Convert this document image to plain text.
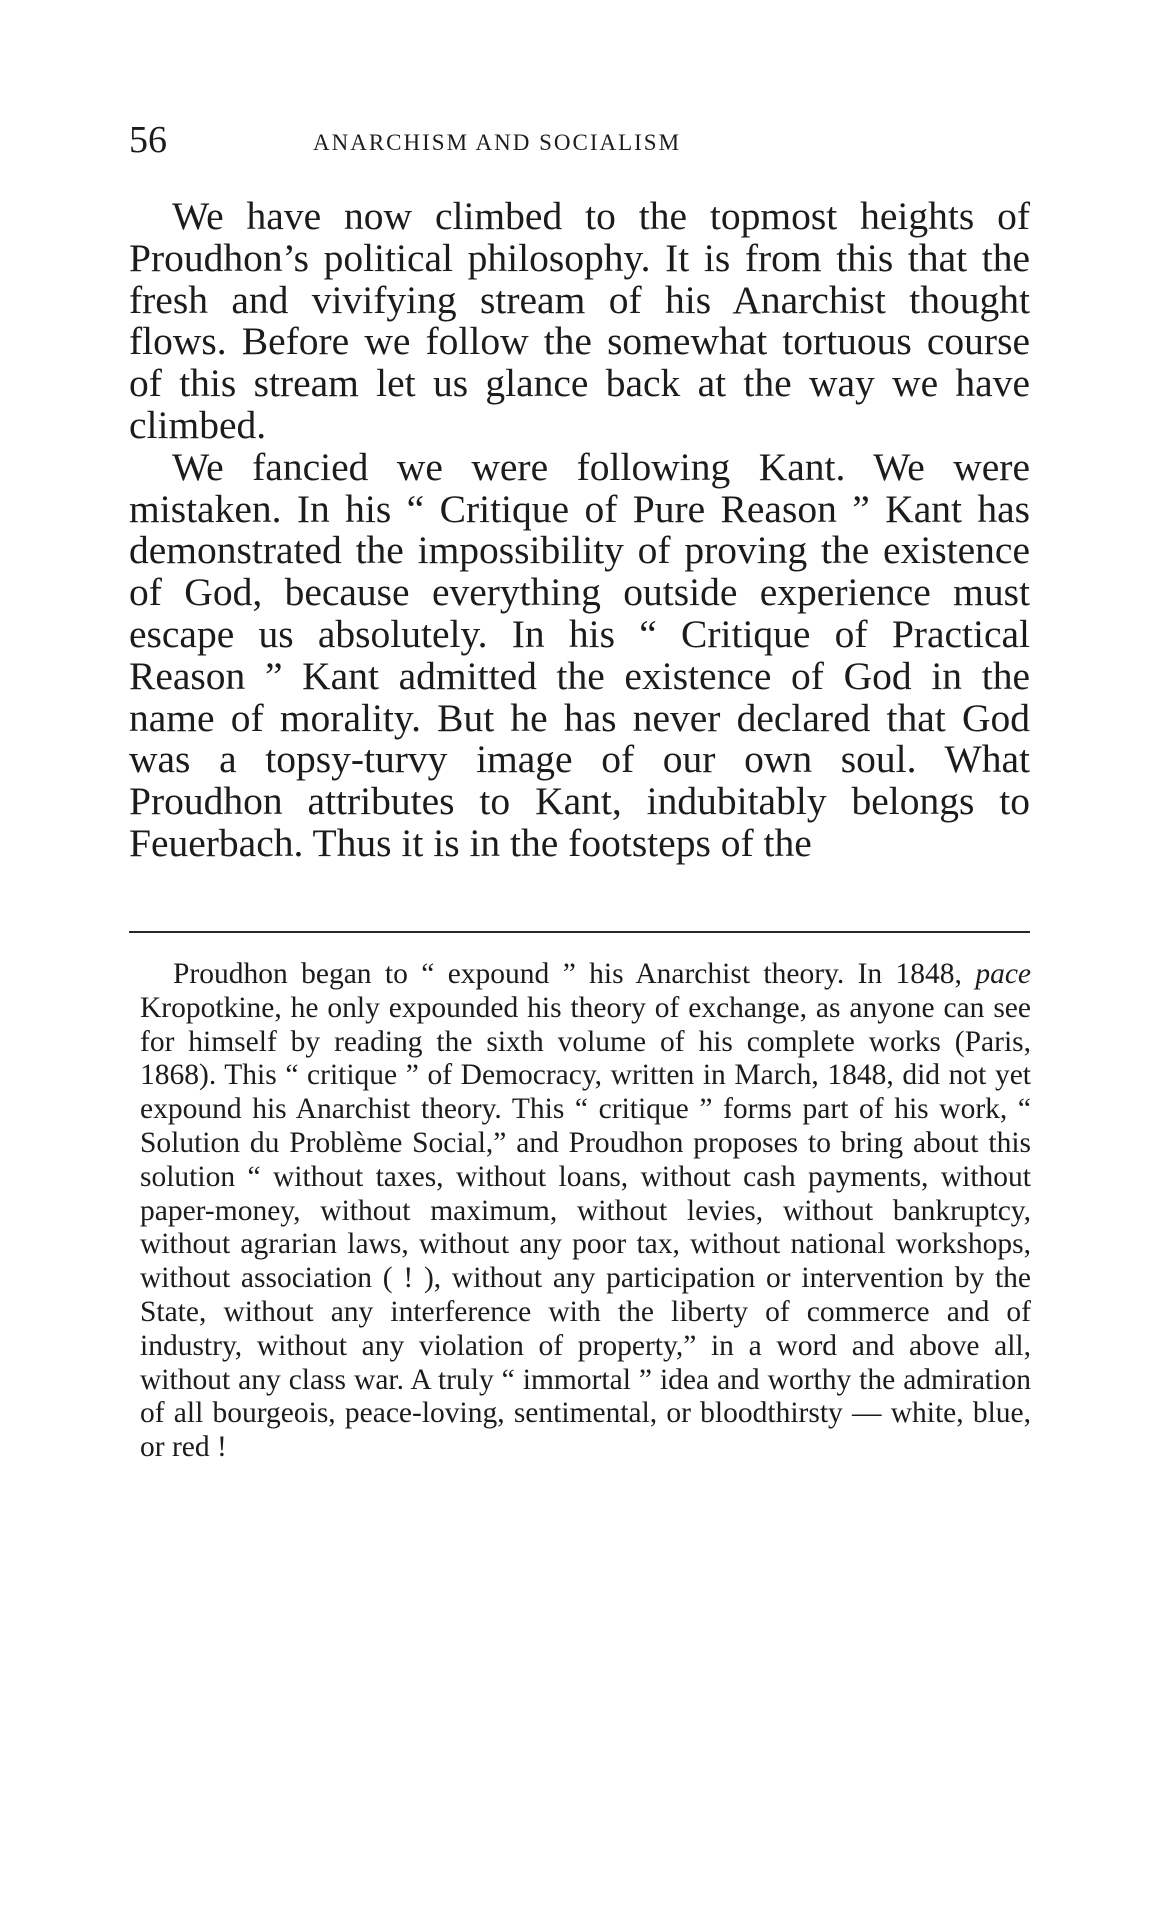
56	ANARCHISM AND SOCIALISM

We have now climbed to the topmost heights of Proudhon’s political philosophy. It is from this that the fresh and vivifying stream of his Anarchist thought flows. Before we follow the somewhat tortuous course of this stream let us glance back at the way we have climbed.

We fancied we were following Kant. We were mistaken. In his “ Critique of Pure Reason ” Kant has demonstrated the impossibility of proving the existence of God, because everything outside experience must escape us absolutely. In his “ Critique of Practical Reason ” Kant admitted the existence of God in the name of morality. But he has never declared that God was a topsy-turvy image of our own soul. What Proudhon attributes to Kant, indubitably belongs to Feuerbach. Thus it is in the footsteps of the

Proudhon began to “ expound ” his Anarchist theory. In 1848, pace Kropotkine, he only expounded his theory of exchange, as anyone can see for himself by reading the sixth volume of his complete works (Paris, 1868). This “ critique ” of Democracy, written in March, 1848, did not yet expound his Anarchist theory. This “ critique ” forms part of his work, “ Solution du Problème Social,” and Proudhon proposes to bring about this solution “ without taxes, without loans, without cash payments, without paper-money, without maximum, without levies, without bankruptcy, without agrarian laws, without any poor tax, without national workshops, without association ( ! ), without any participation or intervention by the State, without any interference with the liberty of commerce and of industry, without any violation of property,” in a word and above all, without any class war. A truly “ immortal ” idea and worthy the admiration of all bourgeois, peace-loving, sentimental, or bloodthirsty — white, blue, or red !
